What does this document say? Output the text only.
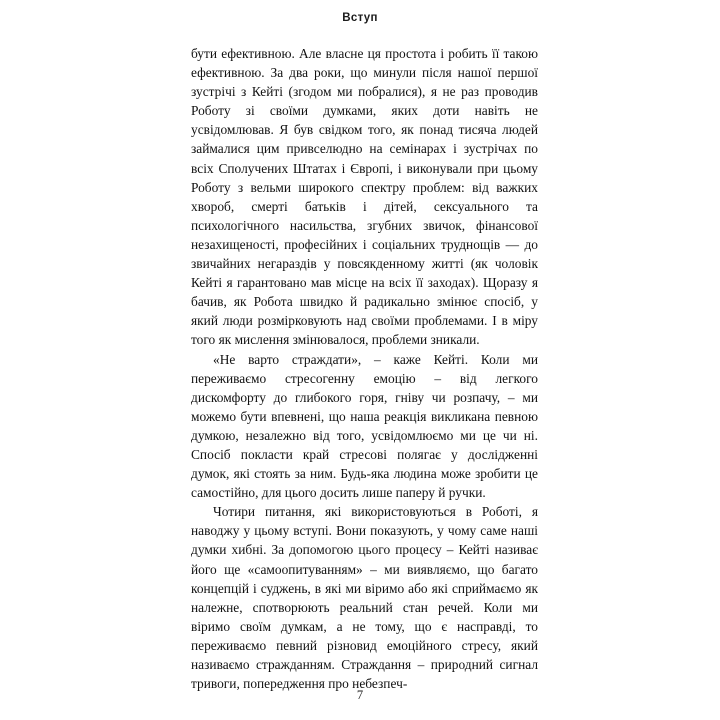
Вступ

бути ефективною. Але власне ця простота і робить її такою ефективною. За два роки, що минули після нашої першої зустрічі з Кейті (згодом ми побралися), я не раз проводив Роботу зі своїми думками, яких доти навіть не усвідомлював. Я був свідком того, як понад тисяча людей займалися цим привселюдно на семінарах і зустрічах по всіх Сполучених Штатах і Європі, і виконували при цьому Роботу з вельми широкого спектру проблем: від важких хвороб, смерті батьків і дітей, сексуального та психологічного насильства, згубних звичок, фінансової незахищеності, професійних і соціальних труднощів — до звичайних негараздів у повсякденному житті (як чоловік Кейті я гарантовано мав місце на всіх її заходах). Щоразу я бачив, як Робота швидко й радикально змінює спосіб, у який люди розмірковують над своїми проблемами. І в міру того як мислення змінювалося, проблеми зникали.

«Не варто страждати», – каже Кейті. Коли ми переживаємо стресогенну емоцію – від легкого дискомфорту до глибокого горя, гніву чи розпачу, – ми можемо бути впевнені, що наша реакція викликана певною думкою, незалежно від того, усвідомлюємо ми це чи ні. Спосіб покласти край стресові полягає у дослідженні думок, які стоять за ним. Будь-яка людина може зробити це самостійно, для цього досить лише паперу й ручки.

Чотири питання, які використовуються в Роботі, я наводжу у цьому вступі. Вони показують, у чому саме наші думки хибні. За допомогою цього процесу – Кейті називає його ще «самоопитуванням» – ми виявляємо, що багато концепцій і суджень, в які ми віримо або які сприймаємо як належне, спотворюють реальний стан речей. Коли ми віримо своїм думкам, а не тому, що є насправді, то переживаємо певний різновид емоційного стресу, який називаємо стражданням. Страждання – природний сигнал тривоги, попередження про небезпеч-

7
